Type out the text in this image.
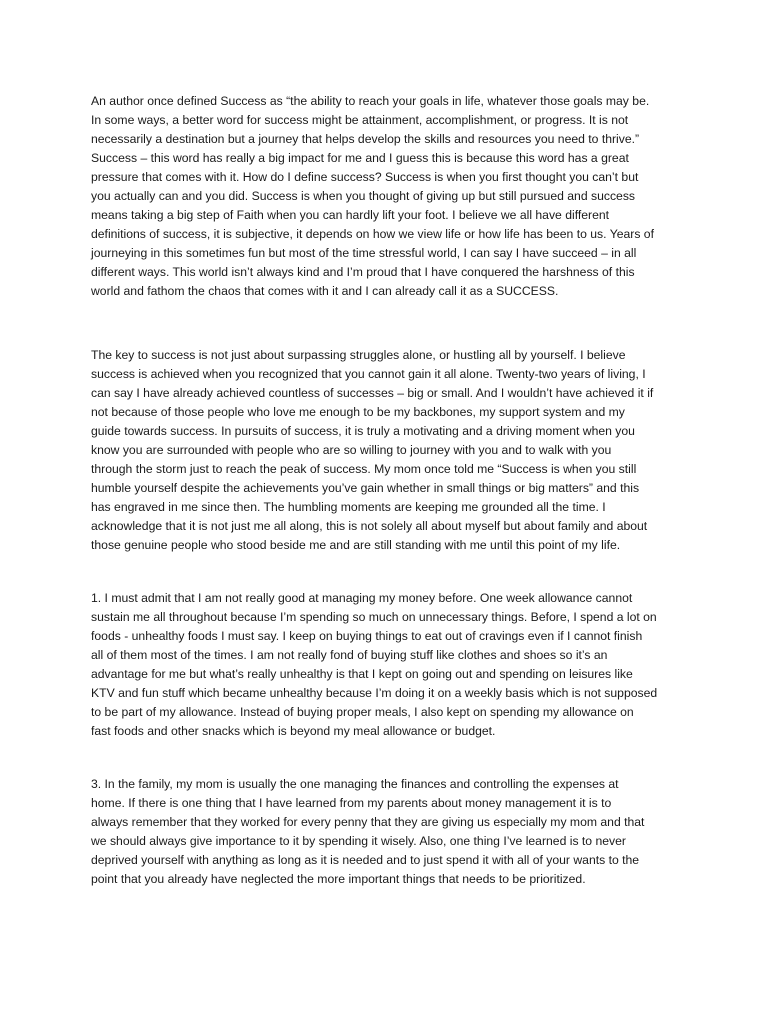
An author once defined Success as “the ability to reach your goals in life, whatever those goals may be.
In some ways, a better word for success might be attainment, accomplishment, or progress. It is not
necessarily a destination but a journey that helps develop the skills and resources you need to thrive.”
Success – this word has really a big impact for me and I guess this is because this word has a great
pressure that comes with it. How do I define success? Success is when you first thought you can’t but
you actually can and you did. Success is when you thought of giving up but still pursued and success
means taking a big step of Faith when you can hardly lift your foot. I believe we all have different
definitions of success, it is subjective, it depends on how we view life or how life has been to us. Years of
journeying in this sometimes fun but most of the time stressful world, I can say I have succeed – in all
different ways. This world isn’t always kind and I’m proud that I have conquered the harshness of this
world and fathom the chaos that comes with it and I can already call it as a SUCCESS.

The key to success is not just about surpassing struggles alone, or hustling all by yourself. I believe
success is achieved when you recognized that you cannot gain it all alone. Twenty-two years of living, I
can say I have already achieved countless of successes – big or small. And I wouldn’t have achieved it if
not because of those people who love me enough to be my backbones, my support system and my
guide towards success. In pursuits of success, it is truly a motivating and a driving moment when you
know you are surrounded with people who are so willing to journey with you and to walk with you
through the storm just to reach the peak of success. My mom once told me “Success is when you still
humble yourself despite the achievements you’ve gain whether in small things or big matters” and this
has engraved in me since then. The humbling moments are keeping me grounded all the time. I
acknowledge that it is not just me all along, this is not solely all about myself but about family and about
those genuine people who stood beside me and are still standing with me until this point of my life.

1. I must admit that I am not really good at managing my money before. One week allowance cannot
sustain me all throughout because I’m spending so much on unnecessary things. Before, I spend a lot on
foods - unhealthy foods I must say. I keep on buying things to eat out of cravings even if I cannot finish
all of them most of the times. I am not really fond of buying stuff like clothes and shoes so it’s an
advantage for me but what’s really unhealthy is that I kept on going out and spending on leisures like
KTV and fun stuff which became unhealthy because I’m doing it on a weekly basis which is not supposed
to be part of my allowance. Instead of buying proper meals, I also kept on spending my allowance on
fast foods and other snacks which is beyond my meal allowance or budget.

3. In the family, my mom is usually the one managing the finances and controlling the expenses at
home. If there is one thing that I have learned from my parents about money management it is to
always remember that they worked for every penny that they are giving us especially my mom and that
we should always give importance to it by spending it wisely. Also, one thing I’ve learned is to never
deprived yourself with anything as long as it is needed and to just spend it with all of your wants to the
point that you already have neglected the more important things that needs to be prioritized.
